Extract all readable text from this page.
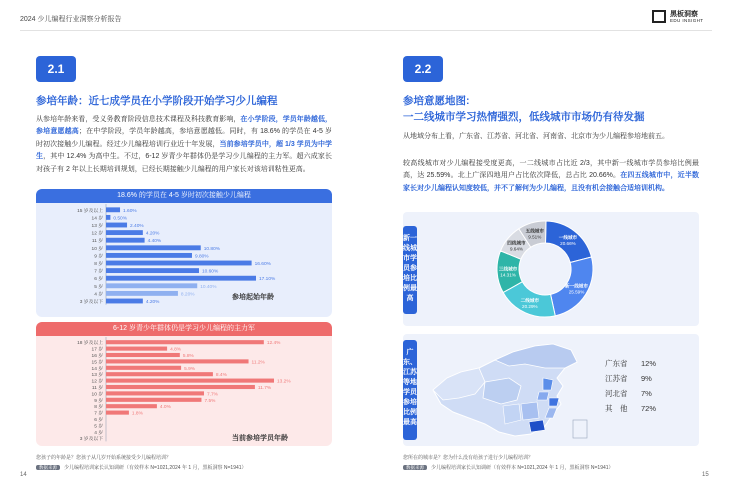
2024 少儿编程行业洞察分析报告
黑板洞察
EDU INSIGHT
2.1
参培年龄：近七成学员在小学阶段开始学习少儿编程
从参培年龄来看，受义务教育阶段信息技术课程及科技教育影响，在小学阶段，学员年龄越低，参培意愿越高；在中学阶段，学员年龄越高，参培意愿越低。同时，有 18.6% 的学员在 4-5 岁时初次接触少儿编程。经过少儿编程培训行业近十年发展，当前参培学员中，超 1/3 学员为中学生，其中 12.4% 为高中生。不过，6-12 岁青少年群体仍是学习少儿编程的主力军。超六成家长对孩子有 2 年以上长期培训规划，已经长期接触少儿编程的用户家长对该培训粘性更高。
18.6% 的学员在 4-5 岁时初次接触少儿编程
15 岁及以上	1.60%
14 岁 0.50%
13 岁	2.40%
12 岁	4.20%
11 岁	4.40%
10 岁	10.80%
9 岁	9.80%
8 岁	16.60%
7 岁	10.60%
6 岁	17.10%
5 岁	10.40%
4 岁	8.20%
3 岁及以下	4.20%
参培起始年龄
6-12 岁青少年群体仍是学习少儿编程的主力军
18 岁及以上	12.4%
17 岁	4.8%
16 岁	5.8%
15 岁	11.2%
14 岁	5.9%
13 岁	8.4%
12 岁	13.2%
11 岁	11.7%
10 岁	7.7%
9 岁	7.5%
8 岁	4.0%
7 岁	1.8%
6 岁
5 岁
4 岁
3 岁及以下	当前参培学员年龄
您孩子的年龄是？您孩子从几岁开始系统接受少儿编程培训？
数据来源 少儿编程培训家长认知调研（有效样本 N=1021,2024 年 1 月，黑板洞察 N=1941）
14
2.2
参培意愿地图:
一二线城市学习热情强烈，低线城市市场仍有待发掘
从地域分布上看，广东省、江苏省、河北省、河南省、北京市为少儿编程参培地前五。
较高线城市对少儿编程接受度更高，一二线城市占比近 2/3，其中新一线城市学员参培比例最高，达 25.59%。北上广深四地用户占比依次降低，总占比 20.66%。在四五线城市中，近半数家长对少儿编程认知度较低，并不了解何为少儿编程，且没有机会接触合适培训机构。
新一线城市学员参培比例最高
一线城市
20.66%
新一线城市
25.59%
二线城市
20.29%
三线城市
14.31%
四线城市
9.64%
五线城市
9.51%
广东、江苏等地学员参培比例最高
广东省 12%
江苏省 9%
河北省 7%
其　他 72%
您所在的城市是？您为什么没有给孩子进行少儿编程培训？
数据来源 少儿编程培训家长认知调研（有效样本 N=1021,2024 年 1 月，黑板洞察 N=1941）
15
